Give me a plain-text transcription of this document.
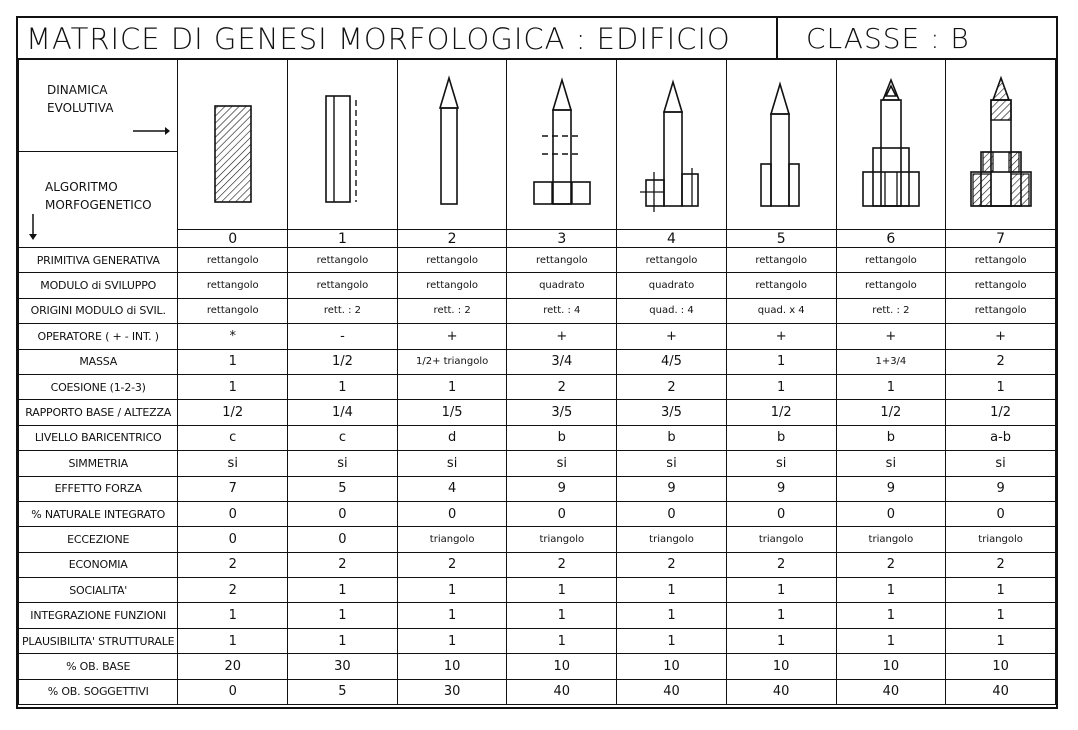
MATRICE DI GENESI MORFOLOGICA : EDIFICIO	CLASSE : B
DINAMICA
EVOLUTIVA

ALGORITMO
MORFOGENETICO								

	0	1	2	3	4	5	6	7
PRIMITIVA GENERATIVA	rettangolo	rettangolo	rettangolo	rettangolo	rettangolo	rettangolo	rettangolo	rettangolo
MODULO di SVILUPPO	rettangolo	rettangolo	rettangolo	quadrato	quadrato	rettangolo	rettangolo	rettangolo
ORIGINI MODULO di SVIL.	rettangolo	rett. : 2	rett. : 2	rett. : 4	quad. : 4	quad. x 4	rett. : 2	rettangolo
OPERATORE ( + - INT. )	*	-	+	+	+	+	+	+
MASSA	1	1/2	1/2+ triangolo	3/4	4/5	1	1+3/4	2
COESIONE (1-2-3)	1	1	1	2	2	1	1	1
RAPPORTO BASE / ALTEZZA	1/2	1/4	1/5	3/5	3/5	1/2	1/2	1/2
LIVELLO BARICENTRICO	c	c	d	b	b	b	b	a-b
SIMMETRIA	si	si	si	si	si	si	si	si
EFFETTO FORZA	7	5	4	9	9	9	9	9
% NATURALE INTEGRATO	0	0	0	0	0	0	0	0
ECCEZIONE	0	0	triangolo	triangolo	triangolo	triangolo	triangolo	triangolo
ECONOMIA	2	2	2	2	2	2	2	2
SOCIALITA'	2	1	1	1	1	1	1	1
INTEGRAZIONE FUNZIONI	1	1	1	1	1	1	1	1
PLAUSIBILITA' STRUTTURALE	1	1	1	1	1	1	1	1
% OB. BASE	20	30	10	10	10	10	10	10
% OB. SOGGETTIVI	0	5	30	40	40	40	40	40
